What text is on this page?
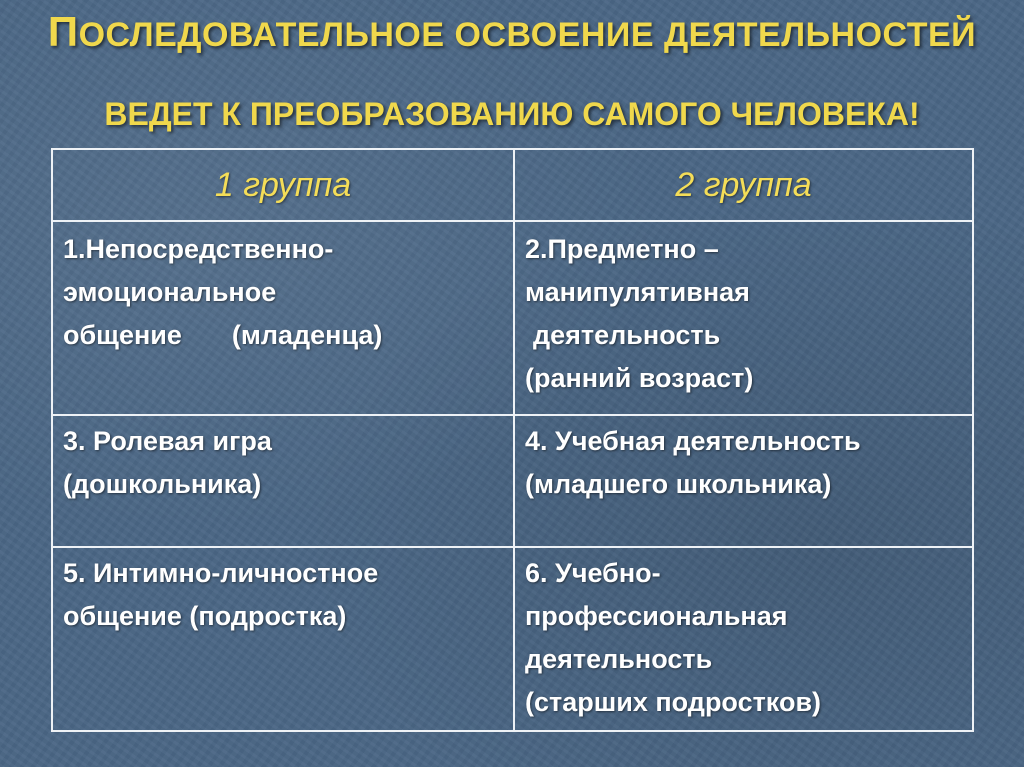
ПОСЛЕДОВАТЕЛЬНОЕ ОСВОЕНИЕ ДЕЯТЕЛЬНОСТЕЙ
ВЕДЕТ К ПРЕОБРАЗОВАНИЮ САМОГО ЧЕЛОВЕКА!
1 группа	2 группа

1.Непосредственно-
эмоциональное
общение (младенца)	2.Предметно –
манипулятивная
деятельность
(ранний возраст)

3. Ролевая игра
(дошкольника)	4. Учебная деятельность
(младшего школьника)

5. Интимно-личностное
общение (подростка)	6. Учебно-
профессиональная
деятельность
(старших подростков)
